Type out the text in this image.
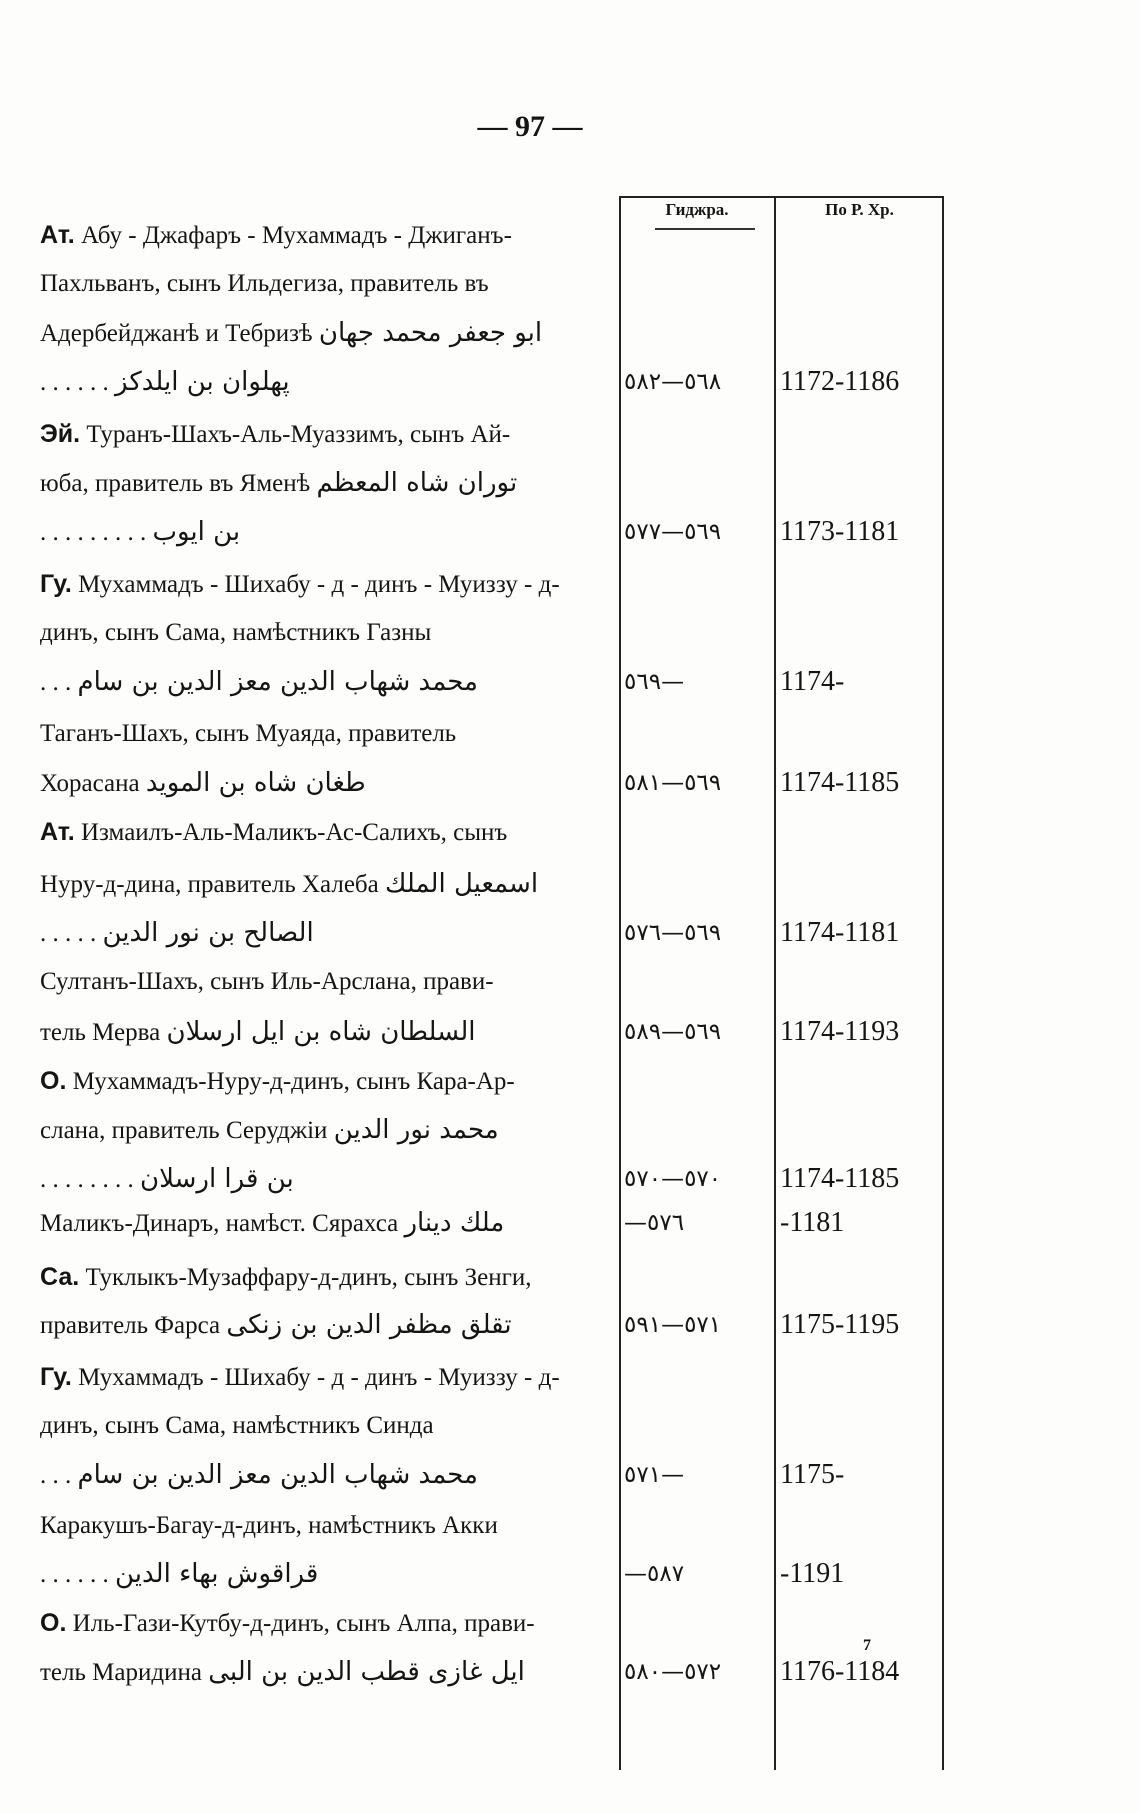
— 97 —
Гиджра.	По Р. Хр.
Ат. Абу - Джафаръ - Мухаммадъ - Джиганъ-
Пахльванъ, сынъ Ильдегиза, правитель въ
Адербейджанѣ и Тебризѣ ابو جعفر محمد جهان
. . . . . . پهلوان بن ايلدكز	٥٦٨—٥٨٢	1172-1186
Эй. Туранъ-Шахъ-Аль-Муаззимъ, сынъ Ай-
юба, правитель въ Яменѣ توران شاه المعظم
. . . . . . . . . بن ايوب	٥٦٩—٥٧٧	1173-1181
Гу. Мухаммадъ - Шихабу - д - динъ - Муиззу - д-
динъ, сынъ Сама, намѣстникъ Газны
. . . محمد شهاب الدين معز الدين بن سام	٥٦٩—	1174-
Таганъ-Шахъ, сынъ Муаяда, правитель
Хорасана طغان شاه بن المويد	٥٦٩—٥٨١	1174-1185
Ат. Измаилъ-Аль-Маликъ-Ас-Салихъ, сынъ
Нуру-д-дина, правитель Халеба اسمعيل الملك
. . . . . الصالح بن نور الدين	٥٦٩—٥٧٦	1174-1181
Султанъ-Шахъ, сынъ Иль-Арслана, прави-
тель Мерва السلطان شاه بن ايل ارسلان	٥٦٩—٥٨٩	1174-1193
О. Мухаммадъ-Нуру-д-динъ, сынъ Кара-Ар-
слана, правитель Серуджіи محمد نور الدين
. . . . . . . . بن قرا ارسلان	٥٧٠—٥٧٠	1174-1185
Маликъ-Динаръ, намѣст. Сярахса ملك دينار	—٥٧٦	-1181
Са. Туклыкъ-Музаффару-д-динъ, сынъ Зенги,
правитель Фарса تقلق مظفر الدين بن زنكى	٥٧١—٥٩١	1175-1195
Гу. Мухаммадъ - Шихабу - д - динъ - Муиззу - д-
динъ, сынъ Сама, намѣстникъ Синда
. . . محمد شهاب الدين معز الدين بن سام	٥٧١—	1175-
Каракушъ-Багау-д-динъ, намѣстникъ Акки
. . . . . . قراقوش بهاء الدين	—٥٨٧	-1191
О. Иль-Гази-Кутбу-д-динъ, сынъ Алпа, прави-
тель Маридина ايل غازى قطب الدين بن البى	٥٧٢—٥٨٠	1176-1184
7
